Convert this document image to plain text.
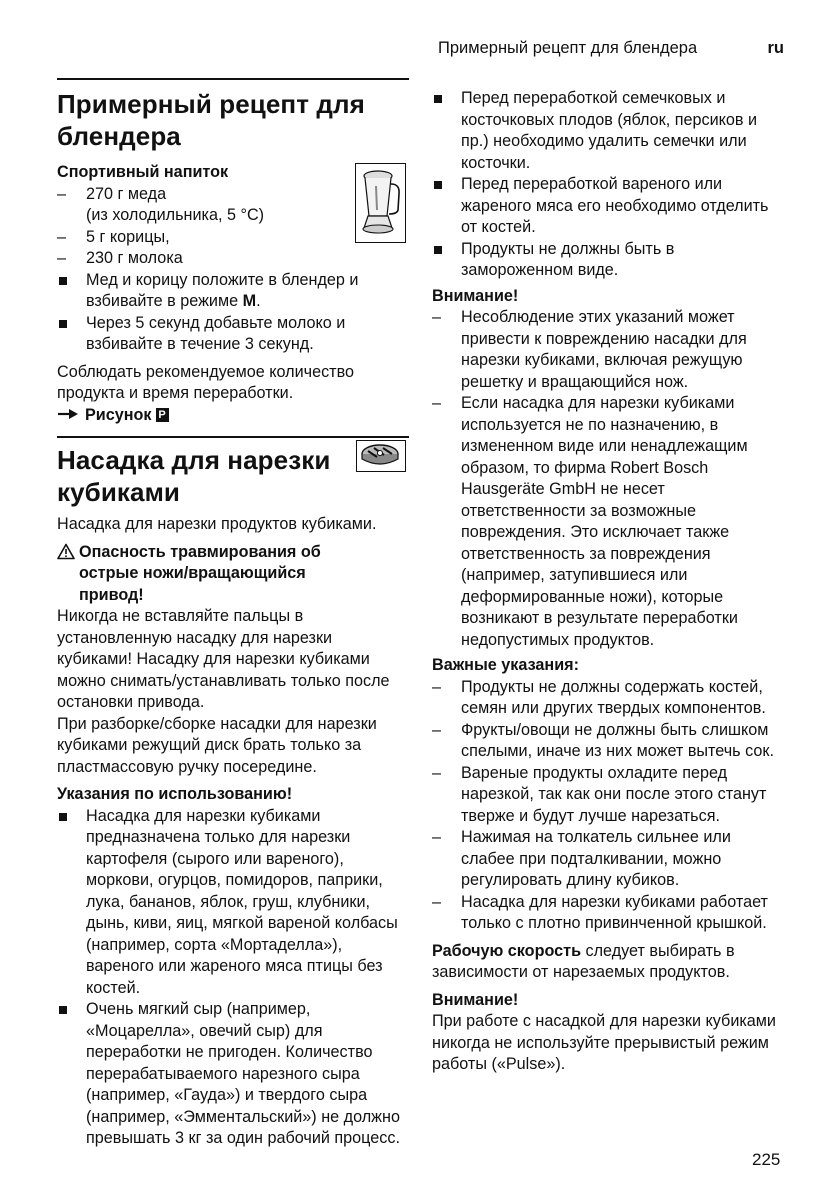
Примерный рецепт для блендера	ru
Примерный рецепт для блендера

Спортивный напиток

–
270 г меда
(из холодильника, 5 °C)
–
5 г корицы,
–
230 г молока
Мед и корицу положите в блендер и взбивайте в режиме M.
Через 5 секунд добавьте молоко и взбивайте в течение 3 секунд.

Соблюдать рекомендуемое количество продукта и время переработки.

Рисунок P
Насадка для нарезки кубиками

Насадка для нарезки продуктов кубиками.

Опасность травмирования об острые ножи/вращающийся привод!

Никогда не вставляйте пальцы в установленную насадку для нарезки кубиками! Насадку для нарезки кубиками можно снимать/устанавливать только после остановки привода.

При разборке/сборке насадки для нарезки кубиками режущий диск брать только за пластмассовую ручку посередине.

Указания по использованию!

Насадка для нарезки кубиками предназначена только для нарезки картофеля (сырого или вареного), моркови, огурцов, помидоров, паприки, лука, бананов, яблок, груш, клубники, дынь, киви, яиц, мягкой вареной колбасы (например, сорта «Мортаделла»), вареного или жареного мяса птицы без костей.
Очень мягкий сыр (например, «Моцарелла», овечий сыр) для переработки не пригоден. Количество перерабатываемого нарезного сыра (например, «Гауда») и твердого сыра (например, «Эмментальский») не должно превышать 3 кг за один рабочий процесс.
Перед переработкой семечковых и косточковых плодов (яблок, персиков и пр.) необходимо удалить семечки или косточки.
Перед переработкой вареного или жареного мяса его необходимо отделить от костей.
Продукты не должны быть в замороженном виде.

Внимание!

–
Несоблюдение этих указаний может привести к повреждению насадки для нарезки кубиками, включая режущую решетку и вращающийся нож.
–
Если насадка для нарезки кубиками используется не по назначению, в измененном виде или ненадлежащим образом, то фирма Robert Bosch Hausgeräte GmbH не несет ответственности за возможные повреждения. Это исключает также ответственность за повреждения (например, затупившиеся или деформированные ножи), которые возникают в результате переработки недопустимых продуктов.

Важные указания:

–
Продукты не должны содержать костей, семян или других твердых компонентов.
–
Фрукты/овощи не должны быть слишком спелыми, иначе из них может вытечь сок.
–
Вареные продукты охладите перед нарезкой, так как они после этого станут тверже и будут лучше нарезаться.
–
Нажимая на толкатель сильнее или слабее при подталкивании, можно регулировать длину кубиков.
–
Насадка для нарезки кубиками работает только с плотно привинченной крышкой.

Рабочую скорость следует выбирать в зависимости от нарезаемых продуктов.

Внимание!

При работе с насадкой для нарезки кубиками никогда не используйте прерывистый режим работы («Pulse»).

225
